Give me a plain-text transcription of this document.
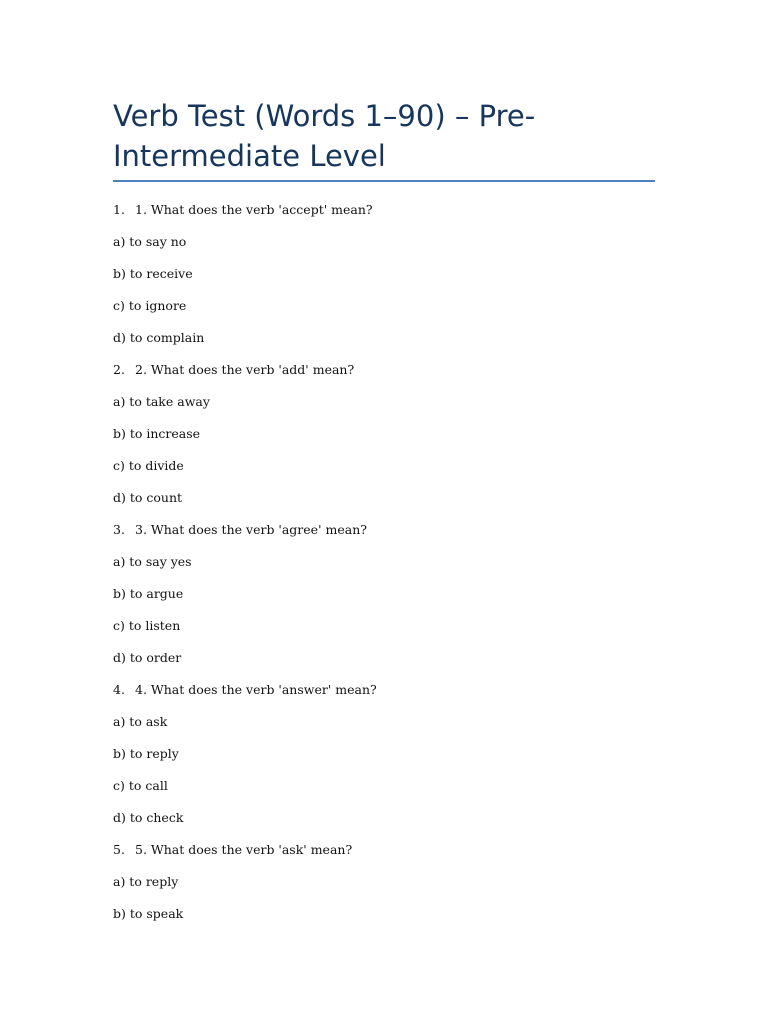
Verb Test (Words 1–90) – Pre-Intermediate Level
1. 1. What does the verb 'accept' mean?
a) to say no
b) to receive
c) to ignore
d) to complain
2. 2. What does the verb 'add' mean?
a) to take away
b) to increase
c) to divide
d) to count
3. 3. What does the verb 'agree' mean?
a) to say yes
b) to argue
c) to listen
d) to order
4. 4. What does the verb 'answer' mean?
a) to ask
b) to reply
c) to call
d) to check
5. 5. What does the verb 'ask' mean?
a) to reply
b) to speak
